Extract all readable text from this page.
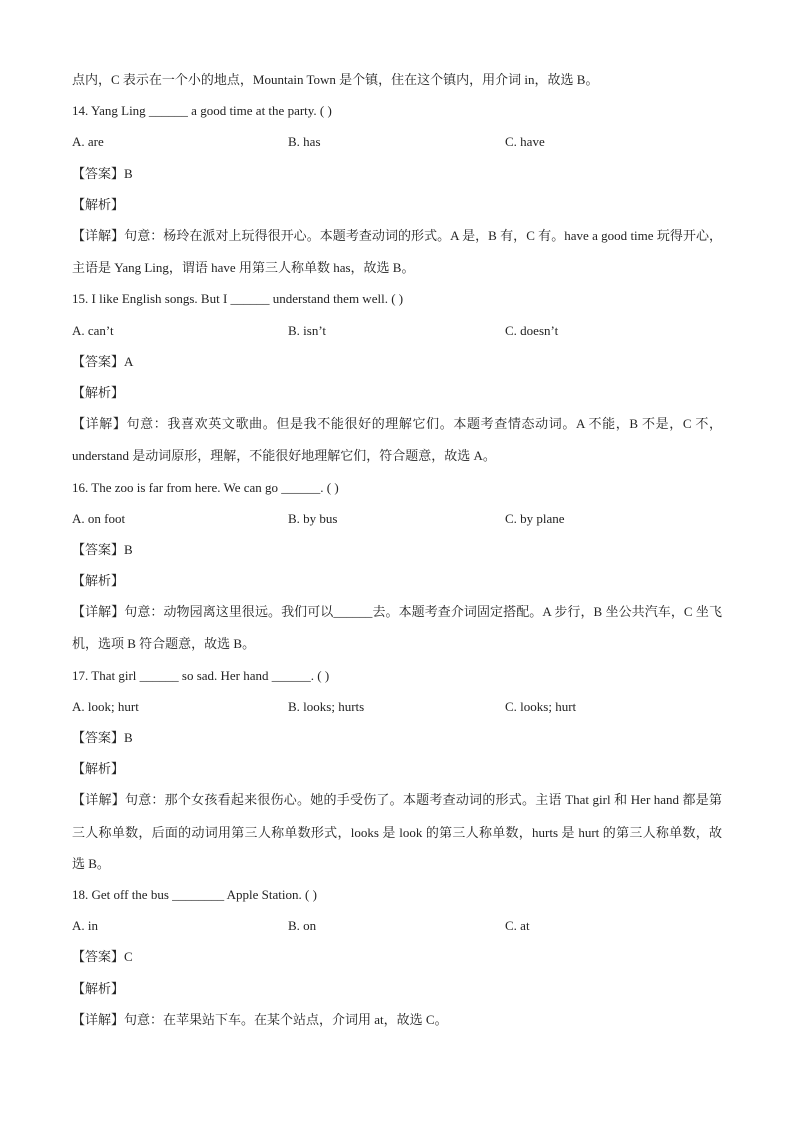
点内，C 表示在一个小的地点，Mountain Town 是个镇，住在这个镇内，用介词 in，故选 B。

14. Yang Ling ______ a good time at the party. ( )
A. are	B. has	C. have
【答案】B
【解析】

【详解】句意：杨玲在派对上玩得很开心。本题考查动词的形式。A 是，B 有，C 有。have a good time 玩得开心，主语是 Yang Ling，谓语 have 用第三人称单数 has，故选 B。

15. I like English songs. But I ______ understand them well. ( )
A. can’t	B. isn’t	C. doesn’t
【答案】A
【解析】

【详解】句意：我喜欢英文歌曲。但是我不能很好的理解它们。本题考查情态动词。A 不能，B 不是，C 不，understand 是动词原形，理解，不能很好地理解它们，符合题意，故选 A。

16. The zoo is far from here. We can go ______. ( )
A. on foot	B. by bus	C. by plane
【答案】B
【解析】

【详解】句意：动物园离这里很远。我们可以______去。本题考查介词固定搭配。A 步行，B 坐公共汽车，C 坐飞机，选项 B 符合题意，故选 B。

17. That girl ______ so sad. Her hand ______. ( )
A. look; hurt	B. looks; hurts	C. looks; hurt
【答案】B
【解析】

【详解】句意：那个女孩看起来很伤心。她的手受伤了。本题考查动词的形式。主语 That girl 和 Her hand 都是第三人称单数，后面的动词用第三人称单数形式，looks 是 look 的第三人称单数，hurts 是 hurt 的第三人称单数，故选 B。

18. Get off the bus ________ Apple Station. ( )
A. in	B. on	C. at
【答案】C
【解析】

【详解】句意：在苹果站下车。在某个站点，介词用 at，故选 C。
